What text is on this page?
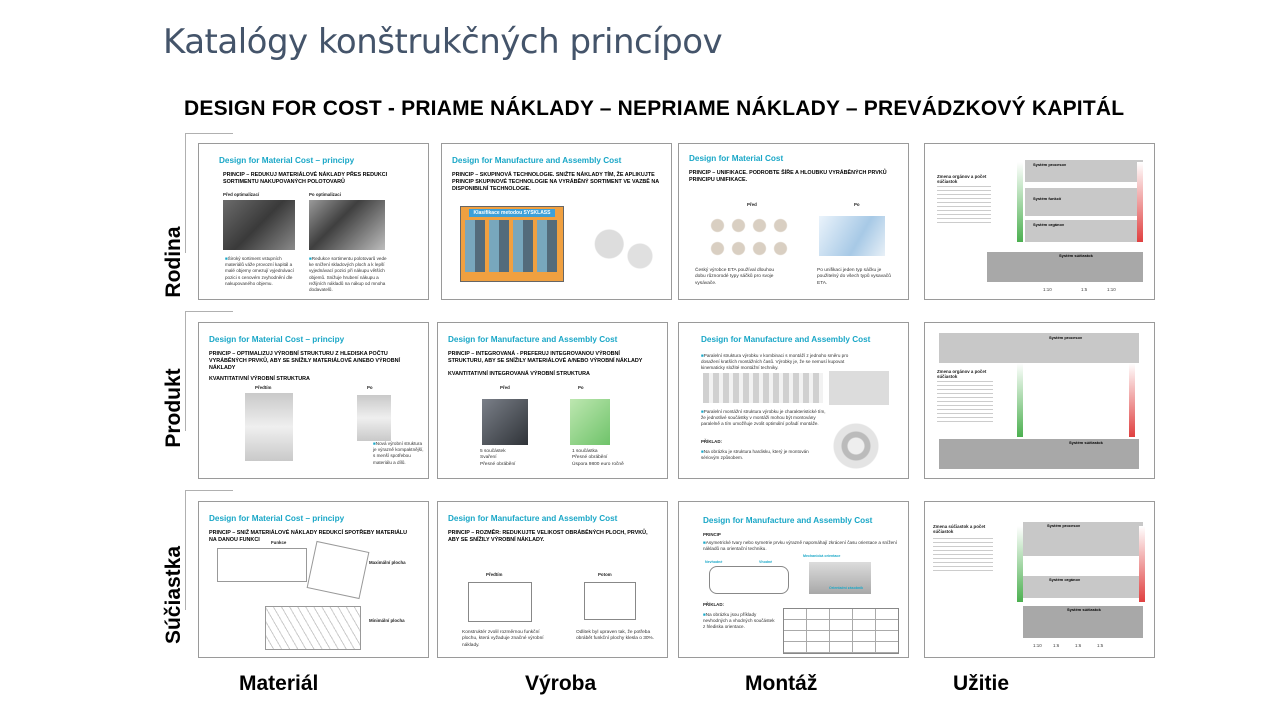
Katalógy konštrukčných princípov
DESIGN FOR COST - PRIAME NÁKLADY – NEPRIAME NÁKLADY – PREVÁDZKOVÝ KAPITÁL
Rodina
Produkt
Súčiastka
Materiál	Výroba	Montáž	Užitie
Design for Material Cost – principy
PRINCIP – REDUKUJ MATERIÁLOVÉ NÁKLADY PŘES REDUKCI SORTIMENTU NAKUPOVANÝCH POLOTOVARŮ
Před optimalizací	Po optimalizaci
■ Široký sortiment vstupních materiálů váže provozní kapitál a malé objemy omezují vyjednávací pozici s cenovém zvyhodnění dle nakupovaného objemu.
■ Redukce sortimentu polotovarů vede ke snížení skladových ploch a k lepší vyjednávací pozici při nákupu větších objemů. Snižuje hrubení nákupu a režijních nákladů na nákup od mnoha dodavatelů.
Design for Manufacture and Assembly Cost
PRINCIP – SKUPINOVÁ TECHNOLOGIE. SNIŽTE NÁKLADY TÍM, ŽE APLIKUJTE PRINCIP SKUPINOVÉ TECHNOLOGIE NA VYRÁBĚNÝ SORTIMENT VE VAZBĚ NA DISPONIBILNÍ TECHNOLOGIE.
Klasifikace metodou SYSKLASS
Design for Material Cost
PRINCIP – UNIFIKACE. PODROBTE ŠÍŘE A HLOUBKU VYRÁBĚNÝCH PRVKŮ PRINCIPU UNIFIKACE.
Před	Po
Český výrobce ETA používal dlouhou dobu různorodé typy sáčků pro svoje vysávače.
Po unifikaci jeden typ sáčku je použitelný do všech typů vysavačů ETA.
Zmena orgánov a počet súčiastok
Systém procesov
Systém funkcií
Systém orgánov
Systém súčiastok
1:10	1:5	1:10
Design for Material Cost – principy
PRINCIP – OPTIMALIZUJ VÝROBNÍ STRUKTURU Z HLEDISKA POČTU VYRÁBĚNÝCH PRVKŮ, ABY SE SNÍŽILY MATERIÁLOVÉ A/NEBO VÝROBNÍ NÁKLADY
KVANTITATIVNÍ VÝROBNÍ STRUKTURA
Předtím	Po
■ Nová výrobní struktura je výrazně kompaktnější, s menší spotřebou materiálu a dílů.
Design for Manufacture and Assembly Cost
PRINCIP – INTEGROVANÁ - PREFERUJ INTEGROVANOU VÝROBNÍ STRUKTURU, ABY SE SNÍŽILY MATERIÁLOVÉ A/NEBO VÝROBNÍ NÁKLADY
KVANTITATIVNÍ INTEGROVANÁ VÝROBNÍ STRUKTURA
Před	Po
5 součástek
Svaření
Přesné obrábění
1 součástka
Přesné obrábění
Úspora 9800 euro ročně
Design for Manufacture and Assembly Cost
■ Paralelní struktura výrobku v kombinaci s montáží z jednoho směru pro dosažení kratších montážních časů. Výrobky je, že se nemusí kupovat kinematicky složité montážní techniky.
■ Paralelní montážní struktura výrobku je charakteristické tím, že jednotlivé součástky v montáži mohou být montovány paralelně a tím umožňuje zvolit optimální pořadí montáže.
PŘÍKLAD:
■ Na obrázku je struktura hardisku, který je montován sériovým způsobem.
Systém procesov
Zmena orgánov a počet súčiastok
Systém súčiastok
Design for Material Cost – principy
PRINCIP – SNIŽ MATERIÁLOVÉ NÁKLADY REDUKCÍ SPOTŘEBY MATERIÁLU NA DANOU FUNKCI	Funkce
Maximální plocha
Minimální plocha
Design for Manufacture and Assembly Cost
PRINCIP – ROZMĚR: REDUKUJTE VELIKOST OBRÁBĚNÝCH PLOCH, PRVKŮ, ABY SE SNÍŽILY VÝROBNÍ NÁKLADY.
Předtím	Potom
Konstruktér zvolil rozměrnou funkční plochu, která vyžaduje značné výrobní náklady.
Odlitek byl upraven tak, že potřeba obrábět funkční plochy klesla o 30%.
Design for Manufacture and Assembly Cost
PRINCIP
■ Asymetrické tvary nebo symetrie prvku výrazně napomáhají zkrácení času orientace a snížení nákladů na orientační techniku.
Nevhodné	Vhodné
Mechanická orientace
Orientační zásobník
PŘÍKLAD:
■ Na obrázku jsou příklady nevhodných a vhodných součástek z hlediska orientace.
Zmena súčiastok a počet súčiastok
Systém procesov
Systém orgánov
Systém súčiastok
1:10 1:6	1:6	1:5
